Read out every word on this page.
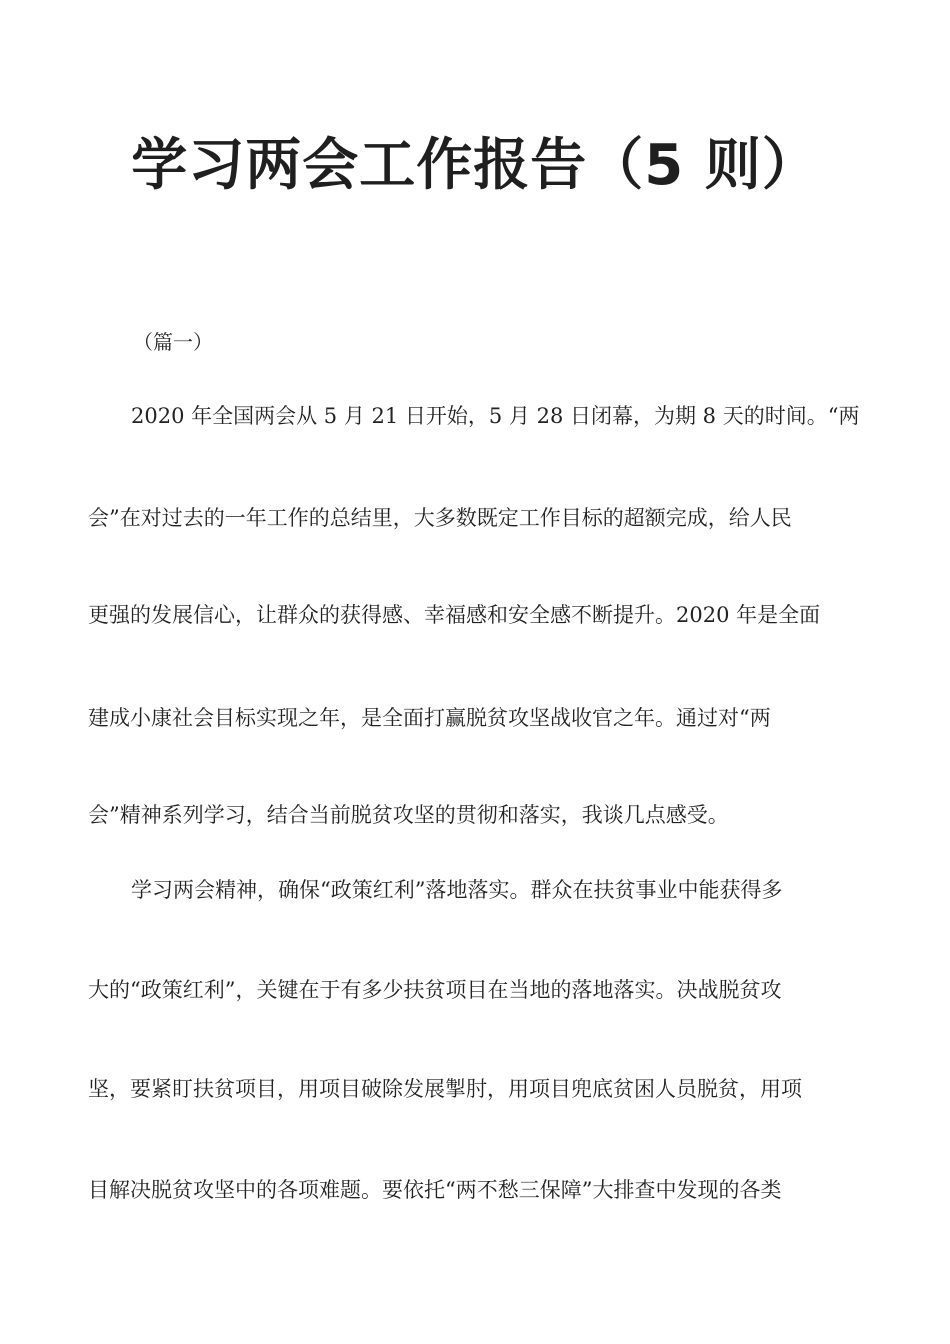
学习两会工作报告（5 则）
（篇一）
2020 年全国两会从 5 月 21 日开始，5 月 28 日闭幕，为期 8 天的时间。“两
会”在对过去的一年工作的总结里，大多数既定工作目标的超额完成，给人民
更强的发展信心，让群众的获得感、幸福感和安全感不断提升。2020 年是全面
建成小康社会目标实现之年，是全面打赢脱贫攻坚战收官之年。通过对“两
会”精神系列学习，结合当前脱贫攻坚的贯彻和落实，我谈几点感受。
学习两会精神，确保“政策红利”落地落实。群众在扶贫事业中能获得多
大的“政策红利”，关键在于有多少扶贫项目在当地的落地落实。决战脱贫攻
坚，要紧盯扶贫项目，用项目破除发展掣肘，用项目兜底贫困人员脱贫，用项
目解决脱贫攻坚中的各项难题。要依托“两不愁三保障”大排查中发现的各类
